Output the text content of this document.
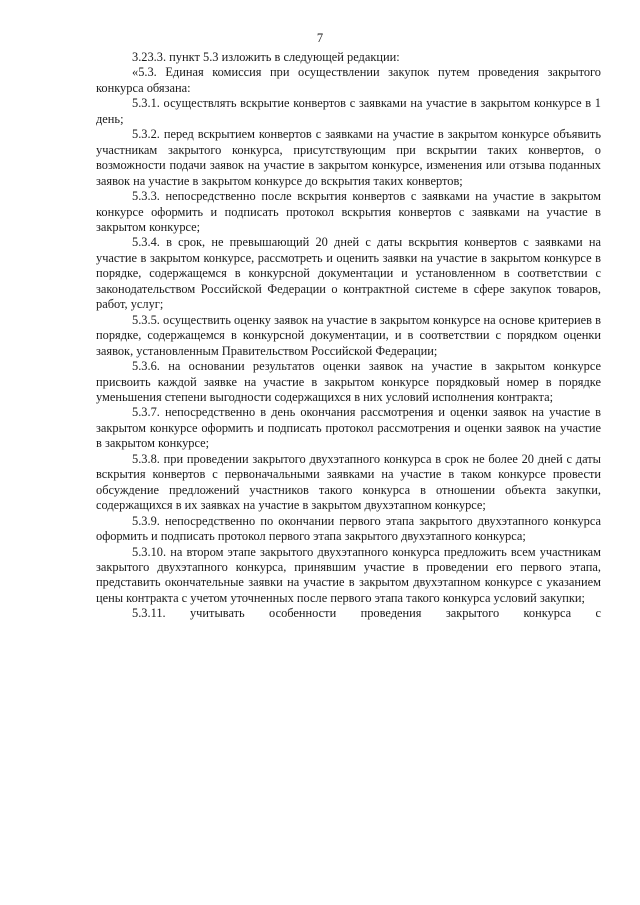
7

3.23.3. пункт 5.3 изложить в следующей редакции:

«5.3. Единая комиссия при осуществлении закупок путем проведения закрытого конкурса обязана:

5.3.1. осуществлять вскрытие конвертов с заявками на участие в закрытом конкурсе в 1 день;

5.3.2. перед вскрытием конвертов с заявками на участие в закрытом конкурсе объявить участникам закрытого конкурса, присутствующим при вскрытии таких конвертов, о возможности подачи заявок на участие в закрытом конкурсе, изменения или отзыва поданных заявок на участие в закрытом конкурсе до вскрытия таких конвертов;

5.3.3. непосредственно после вскрытия конвертов с заявками на участие в закрытом конкурсе оформить и подписать протокол вскрытия конвертов с заявками на участие в закрытом конкурсе;

5.3.4. в срок, не превышающий 20 дней с даты вскрытия конвертов с заявками на участие в закрытом конкурсе, рассмотреть и оценить заявки на участие в закрытом конкурсе в порядке, содержащемся в конкурсной документации и установленном в соответствии с законодательством Российской Федерации о контрактной системе в сфере закупок товаров, работ, услуг;

5.3.5. осуществить оценку заявок на участие в закрытом конкурсе на основе критериев в порядке, содержащемся в конкурсной документации, и в соответствии с порядком оценки заявок, установленным Правительством Российской Федерации;

5.3.6. на основании результатов оценки заявок на участие в закрытом конкурсе присвоить каждой заявке на участие в закрытом конкурсе порядковый номер в порядке уменьшения степени выгодности содержащихся в них условий исполнения контракта;

5.3.7. непосредственно в день окончания рассмотрения и оценки заявок на участие в закрытом конкурсе оформить и подписать протокол рассмотрения и оценки заявок на участие в закрытом конкурсе;

5.3.8. при проведении закрытого двухэтапного конкурса в срок не более 20 дней с даты вскрытия конвертов с первоначальными заявками на участие в таком конкурсе провести обсуждение предложений участников такого конкурса в отношении объекта закупки, содержащихся в их заявках на участие в закрытом двухэтапном конкурсе;

5.3.9. непосредственно по окончании первого этапа закрытого двухэтапного конкурса оформить и подписать протокол первого этапа закрытого двухэтапного конкурса;

5.3.10. на втором этапе закрытого двухэтапного конкурса предложить всем участникам закрытого двухэтапного конкурса, принявшим участие в проведении его первого этапа, представить окончательные заявки на участие в закрытом двухэтапном конкурсе с указанием цены контракта с учетом уточненных после первого этапа такого конкурса условий закупки;

5.3.11. учитывать особенности проведения закрытого конкурса с
